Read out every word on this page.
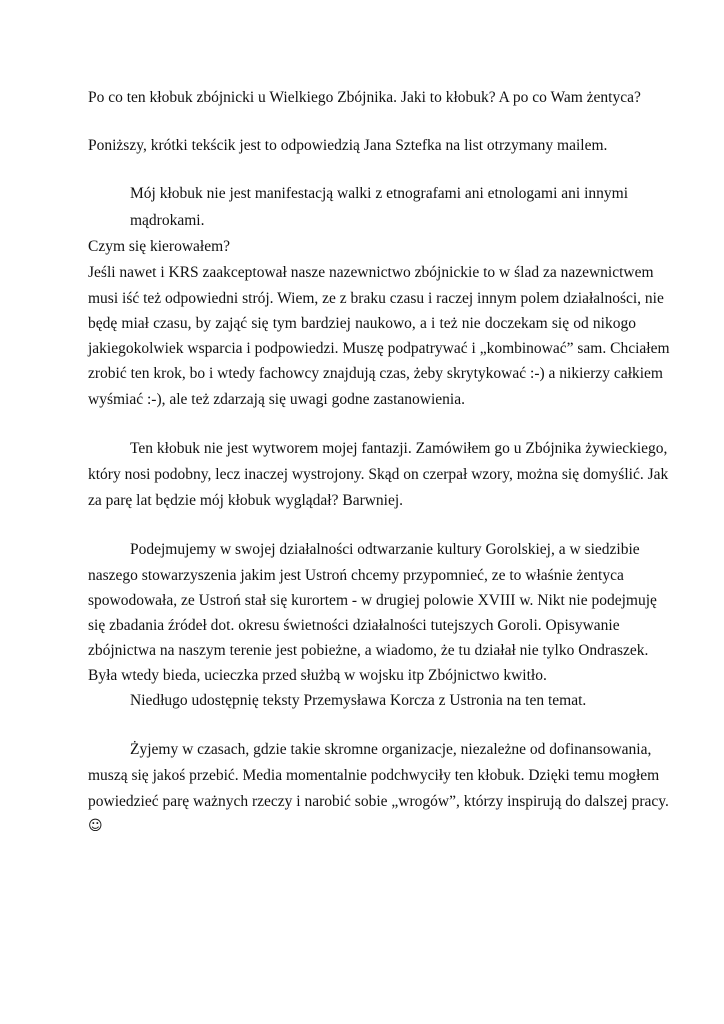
Po co ten kłobuk zbójnicki u Wielkiego Zbójnika. Jaki to kłobuk? A po co Wam żentyca?
Poniższy, krótki tekścik jest to odpowiedzią Jana Sztefka na list otrzymany mailem.
Mój kłobuk nie jest manifestacją walki z etnografami ani etnologami ani innymi
mądrokami.
Czym się kierowałem?
Jeśli nawet i KRS zaakceptował nasze nazewnictwo zbójnickie to w ślad za nazewnictwem
musi iść też odpowiedni strój. Wiem, ze z braku czasu i raczej innym polem działalności, nie
będę miał czasu, by zająć się tym bardziej naukowo, a i też nie doczekam się od nikogo
jakiegokolwiek wsparcia i podpowiedzi. Muszę podpatrywać i „kombinować” sam. Chciałem
zrobić ten krok, bo i wtedy fachowcy znajdują czas, żeby skrytykować :-) a nikierzy całkiem
wyśmiać :-), ale też zdarzają się uwagi godne zastanowienia.
Ten kłobuk nie jest wytworem mojej fantazji. Zamówiłem go u Zbójnika żywieckiego,
który nosi podobny, lecz inaczej wystrojony. Skąd on czerpał wzory, można się domyślić. Jak
za parę lat będzie mój kłobuk wyglądał? Barwniej.
Podejmujemy w swojej działalności odtwarzanie kultury Gorolskiej, a w siedzibie
naszego stowarzyszenia jakim jest Ustroń chcemy przypomnieć, ze to właśnie żentyca
spowodowała, ze Ustroń stał się kurortem - w drugiej polowie XVIII w. Nikt nie podejmuję
się zbadania źródeł dot. okresu świetności działalności tutejszych Goroli. Opisywanie
zbójnictwa na naszym terenie jest pobieżne, a wiadomo, że tu działał nie tylko Ondraszek.
Była wtedy bieda, ucieczka przed służbą w wojsku itp Zbójnictwo kwitło.
Niedługo udostępnię teksty Przemysława Korcza z Ustronia na ten temat.
Żyjemy w czasach, gdzie takie skromne organizacje, niezależne od dofinansowania,
muszą się jakoś przebić. Media momentalnie podchwyciły ten kłobuk. Dzięki temu mogłem
powiedzieć parę ważnych rzeczy i narobić sobie „wrogów”, którzy inspirują do dalszej pracy.
☺
